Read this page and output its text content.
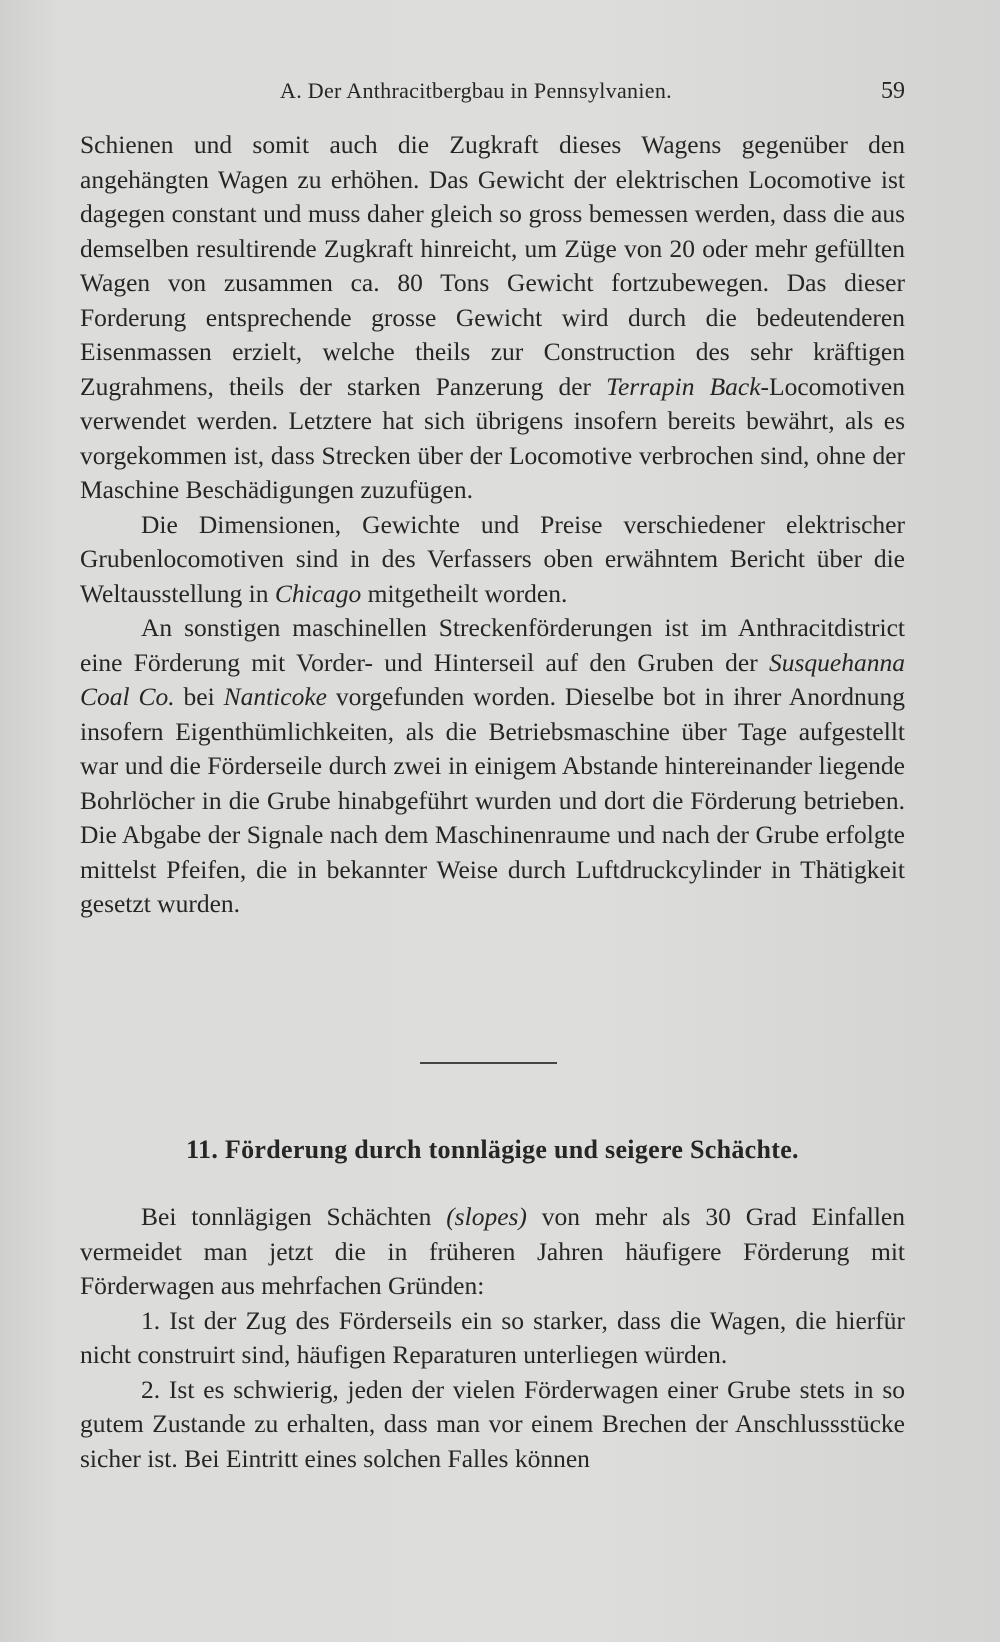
A. Der Anthracitbergbau in Pennsylvanien.	59

Schienen und somit auch die Zugkraft dieses Wagens gegenüber den angehängten Wagen zu erhöhen. Das Gewicht der elektrischen Locomotive ist dagegen constant und muss daher gleich so gross bemessen werden, dass die aus demselben resultirende Zugkraft hinreicht, um Züge von 20 oder mehr gefüllten Wagen von zusammen ca. 80 Tons Gewicht fortzubewegen. Das dieser Forderung entsprechende grosse Gewicht wird durch die bedeutenderen Eisenmassen erzielt, welche theils zur Construction des sehr kräftigen Zugrahmens, theils der starken Panzerung der Terrapin Back-Locomotiven verwendet werden. Letztere hat sich übrigens insofern bereits bewährt, als es vorgekommen ist, dass Strecken über der Locomotive verbrochen sind, ohne der Maschine Beschädigungen zuzufügen.

Die Dimensionen, Gewichte und Preise verschiedener elektrischer Grubenlocomotiven sind in des Verfassers oben erwähntem Bericht über die Weltausstellung in Chicago mitgetheilt worden.

An sonstigen maschinellen Streckenförderungen ist im Anthracitdistrict eine Förderung mit Vorder- und Hinterseil auf den Gruben der Susquehanna Coal Co. bei Nanticoke vorgefunden worden. Dieselbe bot in ihrer Anordnung insofern Eigenthümlichkeiten, als die Betriebsmaschine über Tage aufgestellt war und die Förderseile durch zwei in einigem Abstande hintereinander liegende Bohrlöcher in die Grube hinabgeführt wurden und dort die Förderung betrieben. Die Abgabe der Signale nach dem Maschinenraume und nach der Grube erfolgte mittelst Pfeifen, die in bekannter Weise durch Luftdruckcylinder in Thätigkeit gesetzt wurden.

11. Förderung durch tonnlägige und seigere Schächte.

Bei tonnlägigen Schächten (slopes) von mehr als 30 Grad Einfallen vermeidet man jetzt die in früheren Jahren häufigere Förderung mit Förderwagen aus mehrfachen Gründen:

1. Ist der Zug des Förderseils ein so starker, dass die Wagen, die hierfür nicht construirt sind, häufigen Reparaturen unterliegen würden.

2. Ist es schwierig, jeden der vielen Förderwagen einer Grube stets in so gutem Zustande zu erhalten, dass man vor einem Brechen der Anschlussstücke sicher ist. Bei Eintritt eines solchen Falles können
